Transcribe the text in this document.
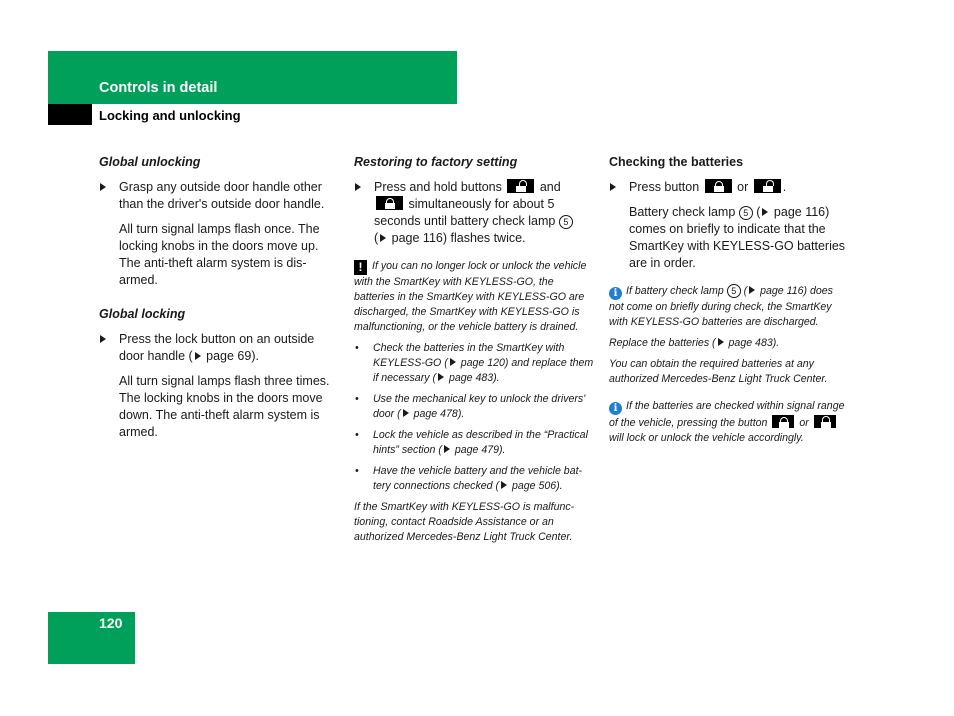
Controls in detail
Locking and unlocking
Global unlocking
Grasp any outside door handle other than the driver's outside door handle.
All turn signal lamps flash once. The locking knobs in the doors move up. The anti-theft alarm system is dis-armed.
Global locking
Press the lock button on an outside door handle ( page 69).
All turn signal lamps flash three times. The locking knobs in the doors move down. The anti-theft alarm system is armed.
Restoring to factory setting
Press and hold buttons	and
simultaneously for about 5 seconds until battery check lamp 5
( page 116) flashes twice.
! If you can no longer lock or unlock the vehicle with the SmartKey with KEYLESS-GO, the batteries in the SmartKey with KEYLESS-GO are discharged, the SmartKey with KEYLESS-GO is malfunctioning, or the vehicle battery is drained.
• Check the batteries in the SmartKey with KEYLESS-GO ( page 120) and replace them if necessary ( page 483).
• Use the mechanical key to unlock the drivers' door ( page 478).
• Lock the vehicle as described in the “Practical hints” section ( page 479).
• Have the vehicle battery and the vehicle bat-tery connections checked ( page 506).
If the SmartKey with KEYLESS-GO is malfunc-tioning, contact Roadside Assistance or an authorized Mercedes-Benz Light Truck Center.
Checking the batteries
Press button	or	.
Battery check lamp 5 ( page 116) comes on briefly to indicate that the SmartKey with KEYLESS-GO batteries are in order.
i If battery check lamp 5 ( page 116) does not come on briefly during check, the SmartKey with KEYLESS-GO batteries are discharged.
Replace the batteries ( page 483).
You can obtain the required batteries at any authorized Mercedes-Benz Light Truck Center.
i If the batteries are checked within signal range of the vehicle, pressing the button	or
will lock or unlock the vehicle accordingly.
120
